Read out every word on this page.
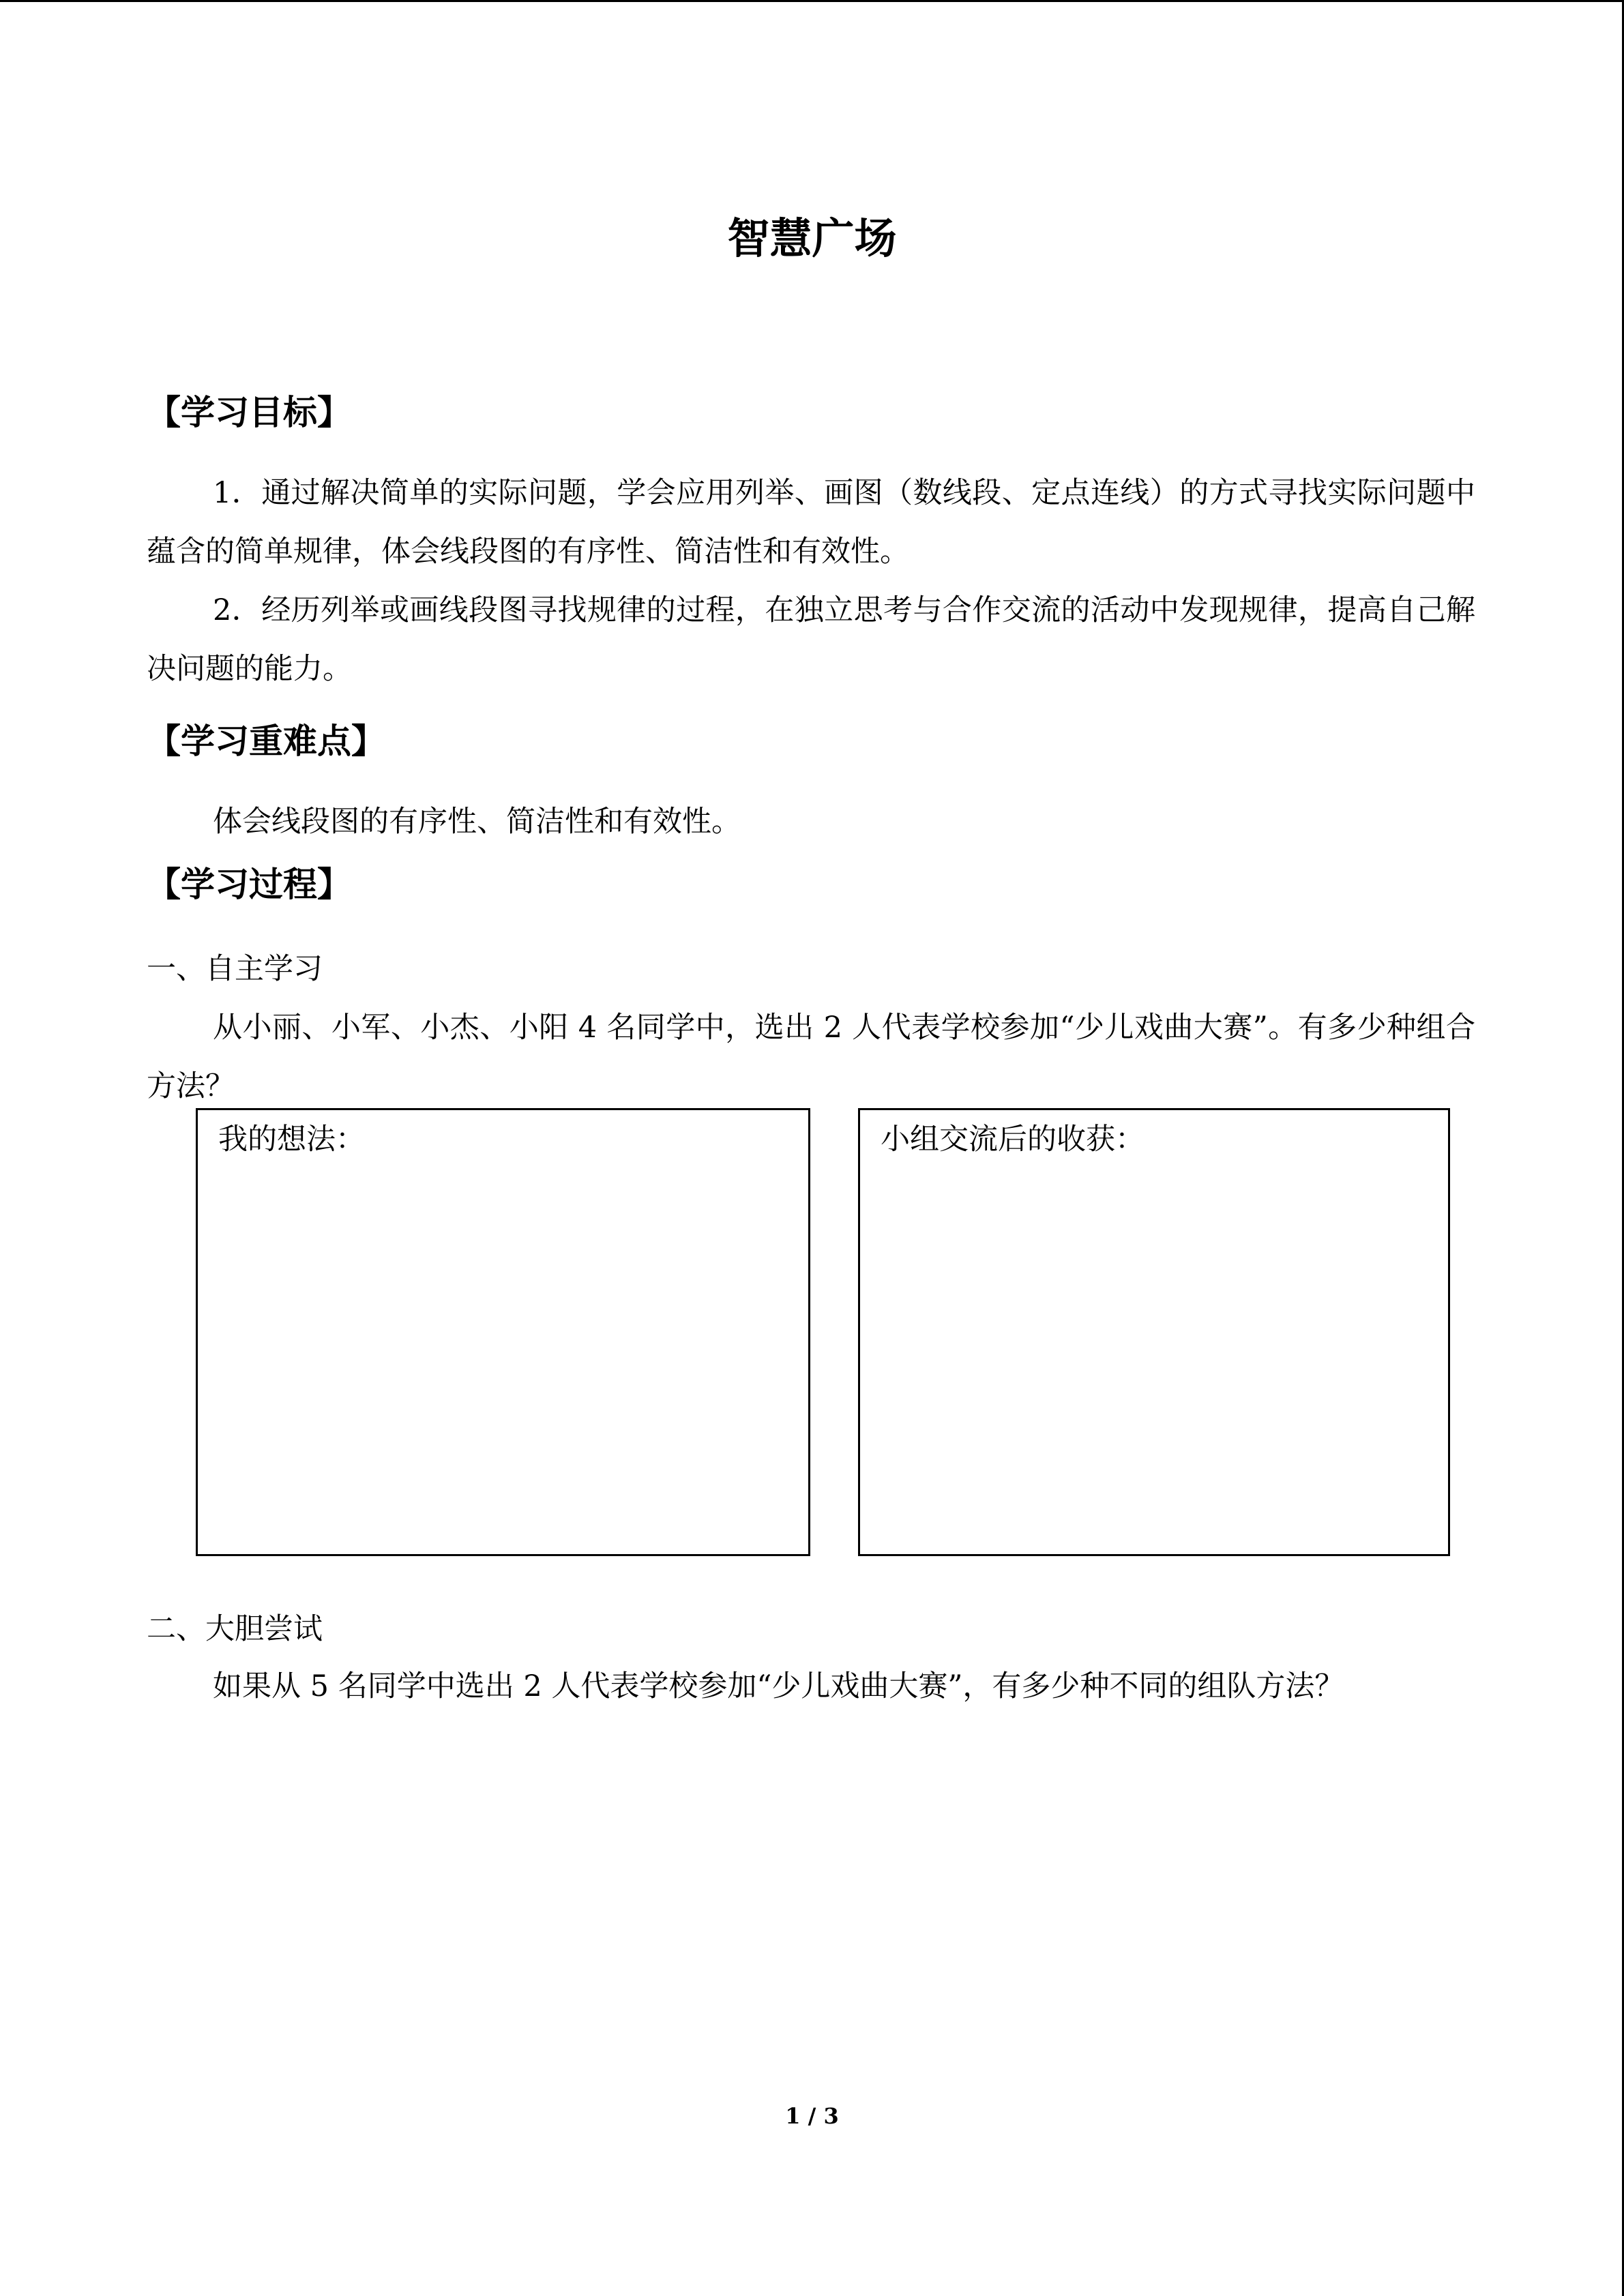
智慧广场
【学习目标】
1．通过解决简单的实际问题，学会应用列举、画图（数线段、定点连线）的方式寻找实际问题中蕴含的简单规律，体会线段图的有序性、简洁性和有效性。
2．经历列举或画线段图寻找规律的过程，在独立思考与合作交流的活动中发现规律，提高自己解决问题的能力。
【学习重难点】
体会线段图的有序性、简洁性和有效性。
【学习过程】
一、自主学习
从小丽、小军、小杰、小阳 4 名同学中，选出 2 人代表学校参加“少儿戏曲大赛”。有多少种组合方法？
我的想法：	小组交流后的收获：
二、大胆尝试
如果从 5 名同学中选出 2 人代表学校参加“少儿戏曲大赛”，有多少种不同的组队方法？
1 / 3
